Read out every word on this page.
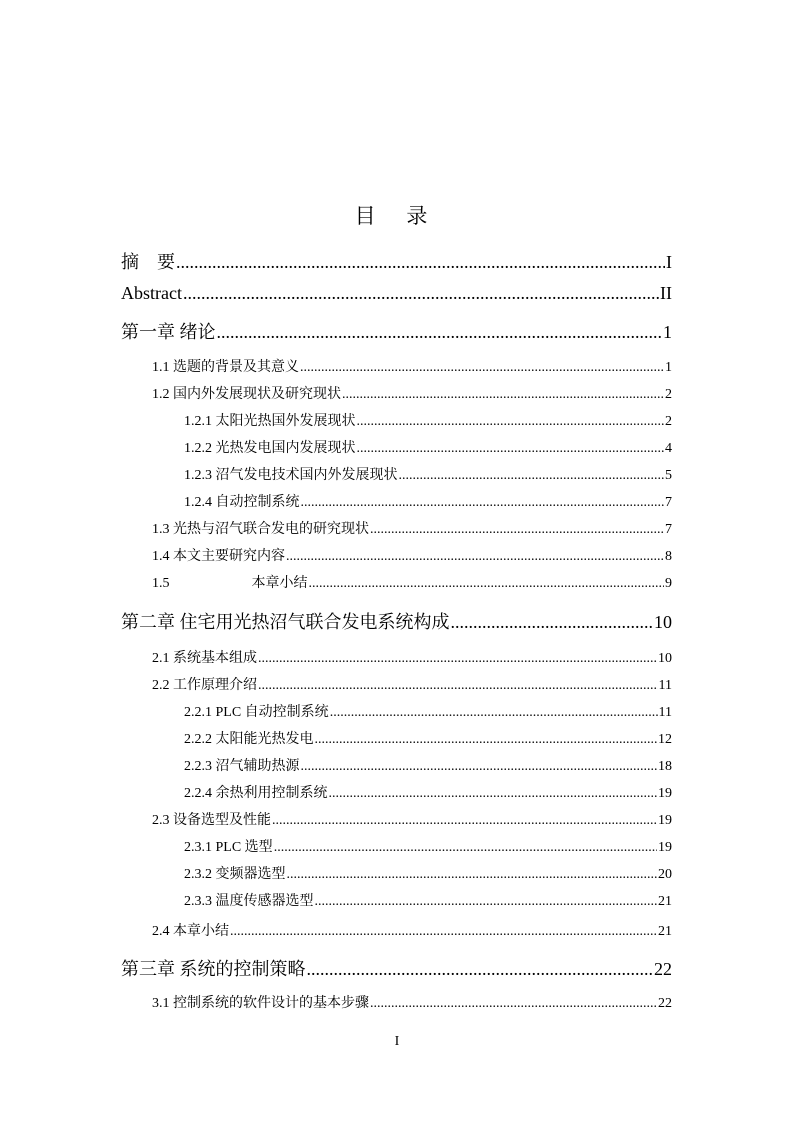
目 录
摘　要 .....	I
Abstract .....	II
第一章 绪论 .....	1
1.1 选题的背景及其意义 .....	1
1.2 国内外发展现状及研究现状 .....	2
1.2.1 太阳光热国外发展现状 .....	2
1.2.2 光热发电国内发展现状 .....	4
1.2.3 沼气发电技术国内外发展现状 .....	5
1.2.4 自动控制系统 .....	7
1.3 光热与沼气联合发电的研究现状 .....	7
1.4 本文主要研究内容 .....	8
1.5	本章小结 .....	9
第二章 住宅用光热沼气联合发电系统构成 .....	10
2.1 系统基本组成 .....	10
2.2 工作原理介绍 .....	11
2.2.1 PLC 自动控制系统 .....	11
2.2.2 太阳能光热发电 .....	12
2.2.3 沼气辅助热源 .....	18
2.2.4 余热利用控制系统 .....	19
2.3 设备选型及性能 .....	19
2.3.1 PLC 选型 .....	19
2.3.2 变频器选型 .....	20
2.3.3 温度传感器选型 .....	21
2.4 本章小结 .....	21
第三章 系统的控制策略 .....	22
3.1 控制系统的软件设计的基本步骤 .....	22
I
